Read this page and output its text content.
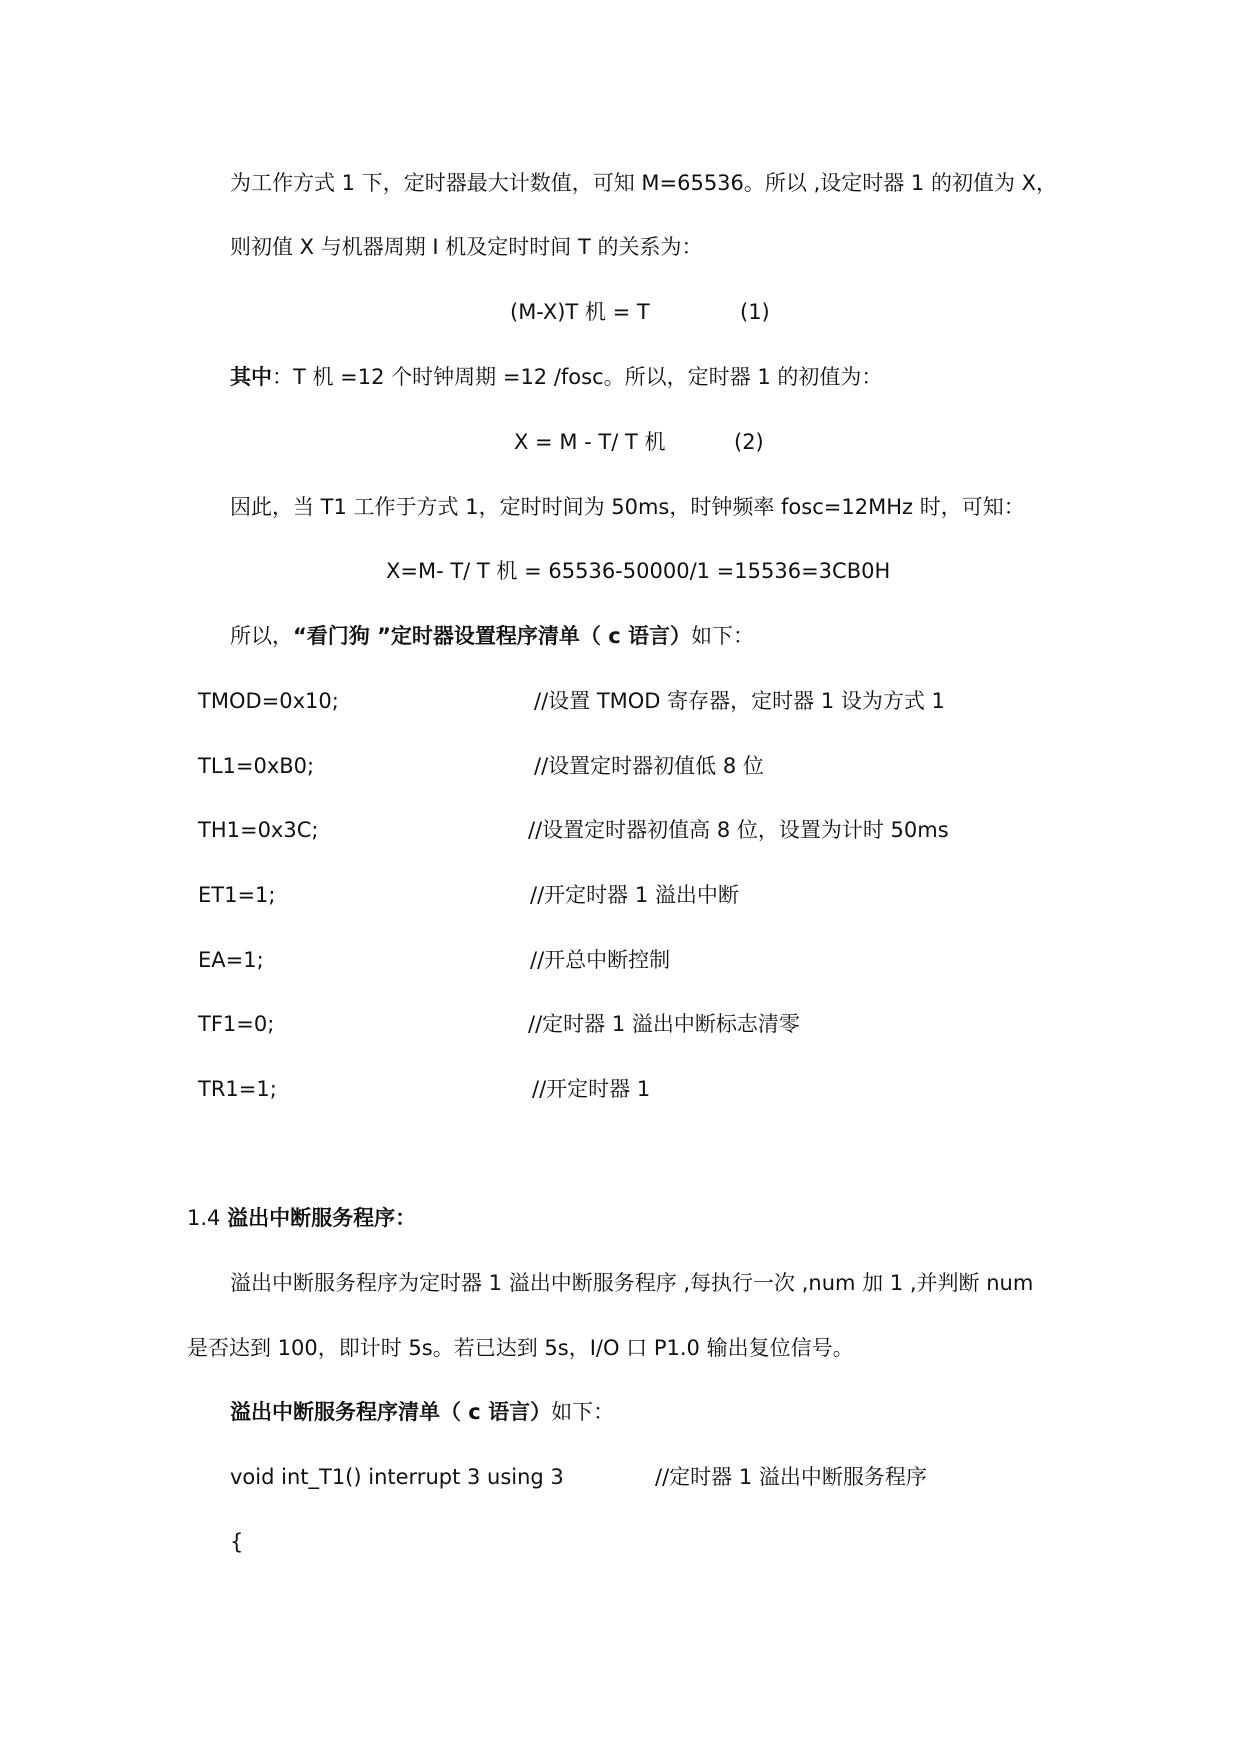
为工作方式 1 下，定时器最大计数值，可知 M=65536。所以 ,设定时器 1 的初值为 X，
则初值 X 与机器周期 I 机及定时时间 T 的关系为：
(M-X)T 机 = T	(1)
其中：T 机 =12 个时钟周期 =12 /fosc。所以，定时器 1 的初值为：
X = M - T/ T 机	(2)
因此，当 T1 工作于方式 1，定时时间为 50ms，时钟频率 fosc=12MHz 时，可知：
X=M- T/ T 机 = 65536-50000/1 =15536=3CB0H
所以，“看门狗 ”定时器设置程序清单（ c 语言）如下：
TMOD=0x10;	//设置 TMOD 寄存器，定时器 1 设为方式 1
TL1=0xB0;	//设置定时器初值低 8 位
TH1=0x3C;	//设置定时器初值高 8 位，设置为计时 50ms
ET1=1;	//开定时器 1 溢出中断
EA=1;	//开总中断控制
TF1=0;	//定时器 1 溢出中断标志清零
TR1=1;	//开定时器 1
1.4 溢出中断服务程序：
溢出中断服务程序为定时器 1 溢出中断服务程序 ,每执行一次 ,num 加 1 ,并判断 num
是否达到 100，即计时 5s。若已达到 5s，I/O 口 P1.0 输出复位信号。
溢出中断服务程序清单（ c 语言）如下：
void int_T1() interrupt 3 using 3	//定时器 1 溢出中断服务程序
{
